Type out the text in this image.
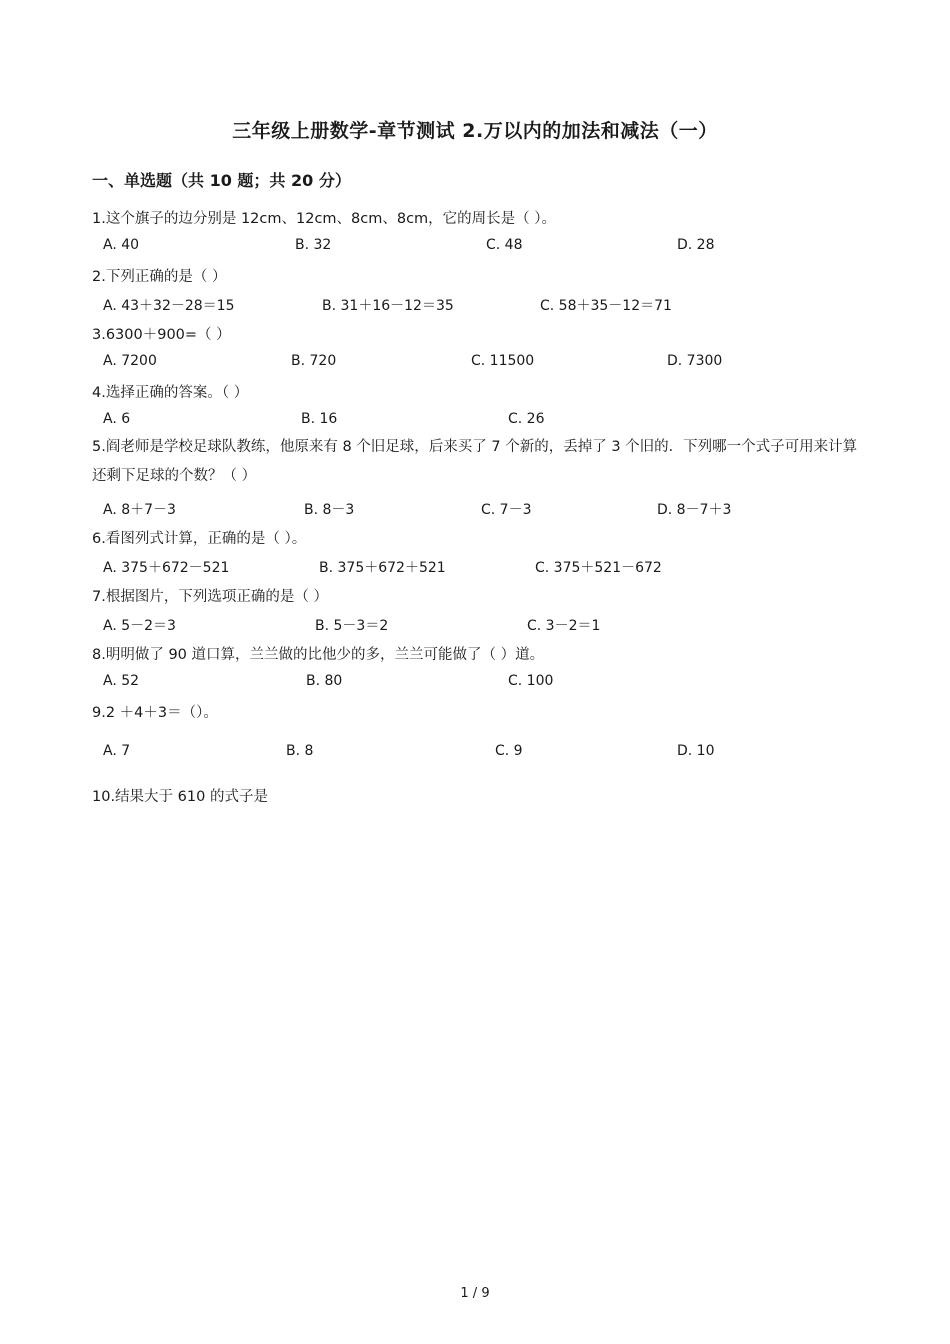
三年级上册数学-章节测试 2.万以内的加法和减法（一）
一、单选题（共 10 题；共 20 分）
1.这个旗子的边分别是 12cm、12cm、8cm、8cm，它的周长是（ ）。
A. 40	B. 32	C. 48	D. 28
2.下列正确的是（ ）
A. 43＋32－28＝15	B. 31＋16－12＝35	C. 58＋35－12＝71
3.6300＋900=（ ）
A. 7200	B. 720	C. 11500	D. 7300
4.选择正确的答案。（ ）
A. 6	B. 16	C. 26
5.阎老师是学校足球队教练，他原来有 8 个旧足球，后来买了 7 个新的，丢掉了 3 个旧的．下列哪一个式子可用来计算还剩下足球的个数？（ ）
A. 8＋7－3	B. 8－3	C. 7－3	D. 8－7＋3
6.看图列式计算，正确的是（ ）。
A. 375＋672－521	B. 375＋672＋521	C. 375＋521－672
7.根据图片，下列选项正确的是（ ）
A. 5－2＝3	B. 5－3＝2	C. 3－2＝1
8.明明做了 90 道口算，兰兰做的比他少的多，兰兰可能做了（ ）道。
A. 52	B. 80	C. 100
9.2 ＋4＋3＝（）。
A. 7	B. 8	C. 9	D. 10
10.结果大于 610 的式子是
1 / 9
